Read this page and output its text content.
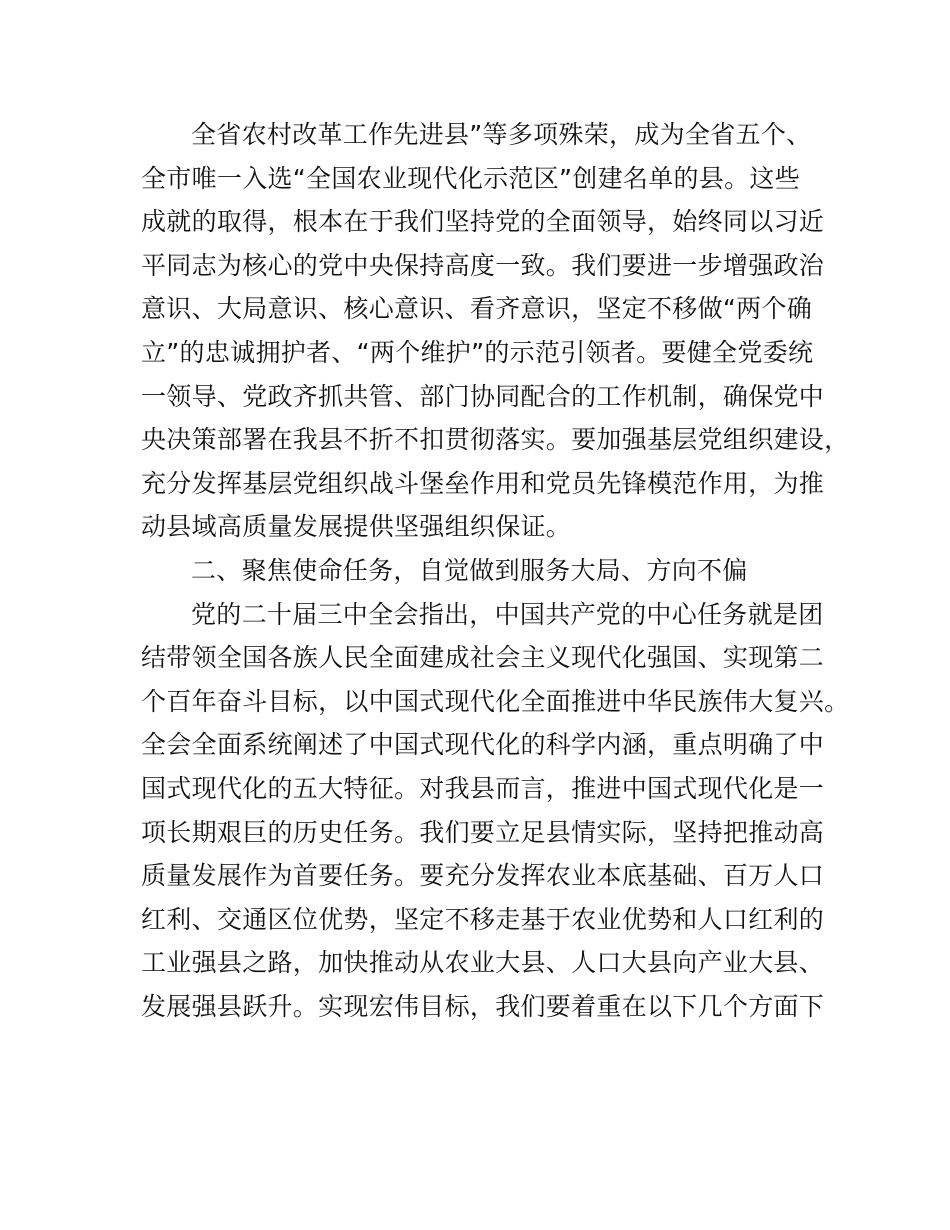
全省农村改革工作先进县”等多项殊荣，成为全省五个、
全市唯一入选“全国农业现代化示范区”创建名单的县。这些
成就的取得，根本在于我们坚持党的全面领导，始终同以习近
平同志为核心的党中央保持高度一致。我们要进一步增强政治
意识、大局意识、核心意识、看齐意识，坚定不移做“两个确
立”的忠诚拥护者、“两个维护”的示范引领者。要健全党委统
一领导、党政齐抓共管、部门协同配合的工作机制，确保党中
央决策部署在我县不折不扣贯彻落实。要加强基层党组织建设，
充分发挥基层党组织战斗堡垒作用和党员先锋模范作用，为推
动县域高质量发展提供坚强组织保证。
二、聚焦使命任务，自觉做到服务大局、方向不偏
党的二十届三中全会指出，中国共产党的中心任务就是团
结带领全国各族人民全面建成社会主义现代化强国、实现第二
个百年奋斗目标，以中国式现代化全面推进中华民族伟大复兴。
全会全面系统阐述了中国式现代化的科学内涵，重点明确了中
国式现代化的五大特征。对我县而言，推进中国式现代化是一
项长期艰巨的历史任务。我们要立足县情实际，坚持把推动高
质量发展作为首要任务。要充分发挥农业本底基础、百万人口
红利、交通区位优势，坚定不移走基于农业优势和人口红利的
工业强县之路，加快推动从农业大县、人口大县向产业大县、
发展强县跃升。实现宏伟目标，我们要着重在以下几个方面下
